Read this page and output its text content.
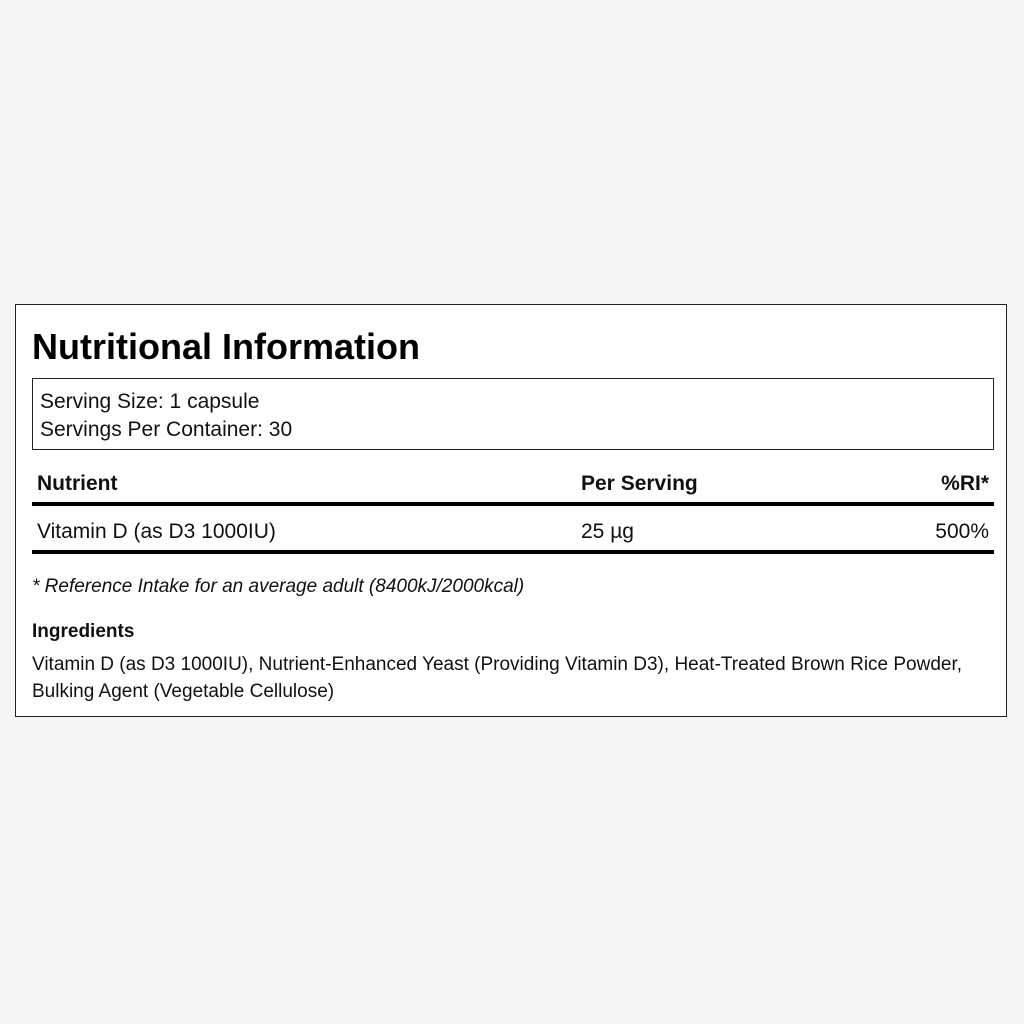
Nutritional Information
Serving Size: 1 capsule
Servings Per Container: 30
Nutrient	Per Serving	%RI*
Vitamin D (as D3 1000IU)	25 µg	500%
* Reference Intake for an average adult (8400kJ/2000kcal)
Ingredients
Vitamin D (as D3 1000IU), Nutrient-Enhanced Yeast (Providing Vitamin D3), Heat-Treated Brown Rice Powder, Bulking Agent (Vegetable Cellulose)
